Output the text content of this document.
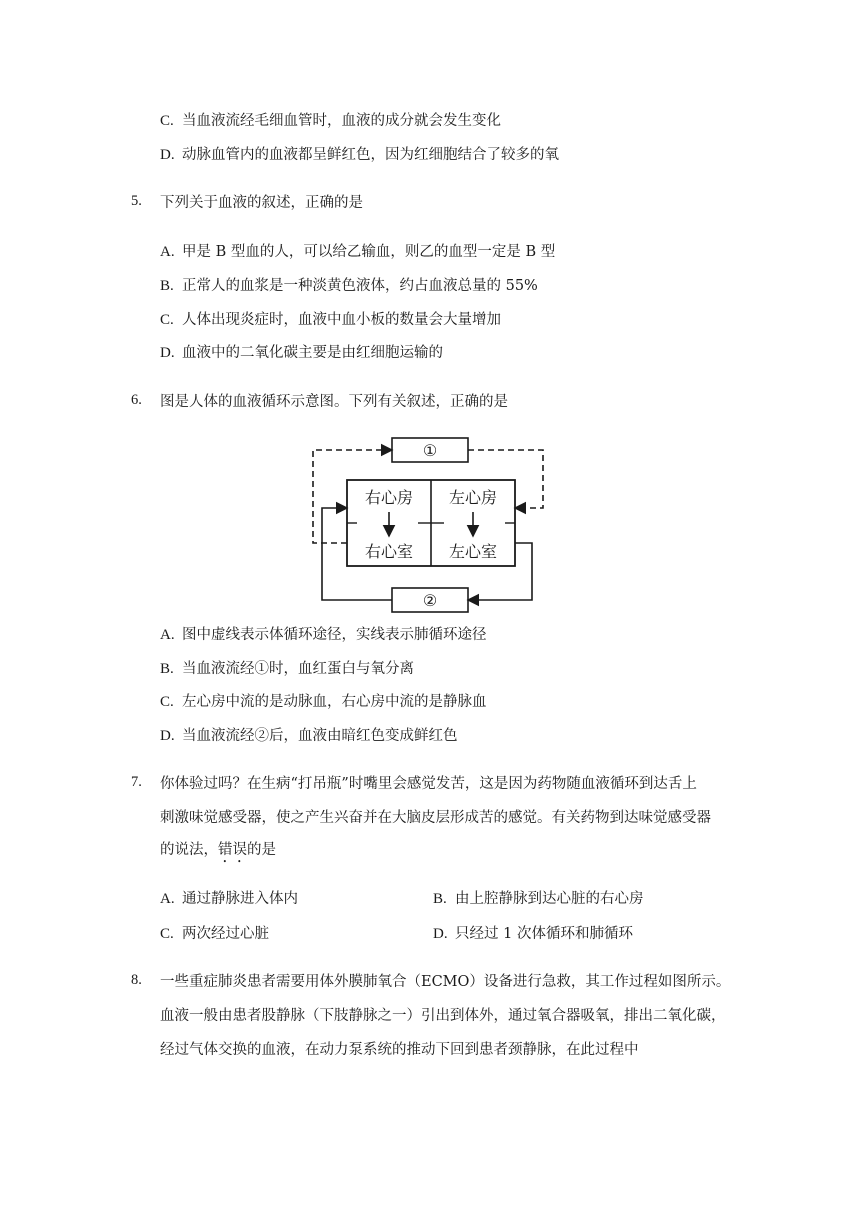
C. 当血液流经毛细血管时，血液的成分就会发生变化
D. 动脉血管内的血液都呈鲜红色，因为红细胞结合了较多的氧
5. 下列关于血液的叙述，正确的是
A. 甲是 B 型血的人，可以给乙输血，则乙的血型一定是 B 型
B. 正常人的血浆是一种淡黄色液体，约占血液总量的 55%
C. 人体出现炎症时，血液中血小板的数量会大量增加
D. 血液中的二氧化碳主要是由红细胞运输的
6. 图是人体的血液循环示意图。下列有关叙述，正确的是
①
②
右心房 左心房
右心室 左心室
A. 图中虚线表示体循环途径，实线表示肺循环途径
B. 当血液流经①时，血红蛋白与氧分离
C. 左心房中流的是动脉血，右心房中流的是静脉血
D. 当血液流经②后，血液由暗红色变成鲜红色
7. 你体验过吗？在生病“打吊瓶”时嘴里会感觉发苦，这是因为药物随血液循环到达舌上
刺激味觉感受器，使之产生兴奋并在大脑皮层形成苦的感觉。有关药物到达味觉感受器
的说法，错误的是
A. 通过静脉进入体内	B. 由上腔静脉到达心脏的右心房
C. 两次经过心脏	D. 只经过 1 次体循环和肺循环
8. 一些重症肺炎患者需要用体外膜肺氧合（ECMO）设备进行急救，其工作过程如图所示。
血液一般由患者股静脉（下肢静脉之一）引出到体外，通过氧合器吸氧，排出二氧化碳，
经过气体交换的血液，在动力泵系统的推动下回到患者颈静脉，在此过程中
